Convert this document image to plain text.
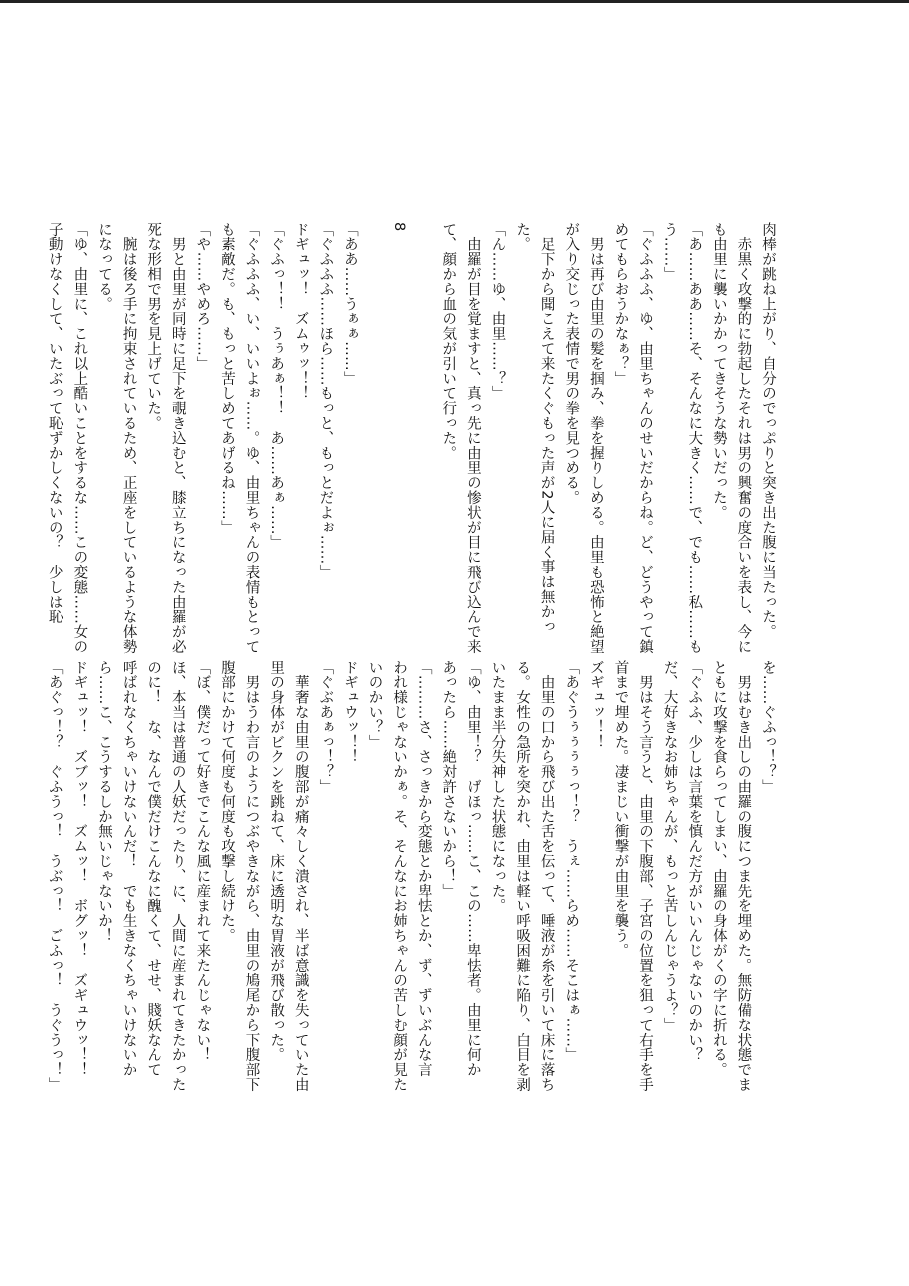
肉棒が跳ね上がり、自分のでっぷりと突き出た腹に当たった。
　赤黒く攻撃的に勃起したそれは男の興奮の度合いを表し、今に
も由里に襲いかかってきそうな勢いだった。
「あ……ああ……そ、そんなに大きく……で、でも……私……も
う……」
「ぐふふふ、ゆ、由里ちゃんのせいだからね。ど、どうやって鎮
めてもらおうかなぁ？」
　男は再び由里の髪を掴み、拳を握りしめる。由里も恐怖と絶望
が入り交じった表情で男の拳を見つめる。
　足下から聞こえて来たくぐもった声が2人に届く事は無かっ
た。
「ん……ゆ、由里……？」
　由羅が目を覚ますと、真っ先に由里の惨状が目に飛び込んで来
て、顔から血の気が引いて行った。

8

「ああ……うぁぁ……」
「ぐふふふ……ほら……もっと、もっとだよぉ……」
ドギュッ！　ズムゥッ！！
「ぐふっ！！　うぅあぁ！！　あ……あぁ……」
「ぐふふふ、い、いいよぉ……。ゆ、由里ちゃんの表情もとって
も素敵だ。も、もっと苦しめてあげるね……」
「や……やめろ……」
　男と由里が同時に足下を覗き込むと、膝立ちになった由羅が必
死な形相で男を見上げていた。
　腕は後ろ手に拘束されているため、正座をしているような体勢
になってる。
「ゆ、由里に、これ以上酷いことをするな……この変態……女の
子動けなくして、いたぶって恥ずかしくないの？　少しは恥
を……ぐふっ！？」
　男はむき出しの由羅の腹につま先を埋めた。無防備な状態でま
ともに攻撃を食らってしまい、由羅の身体がくの字に折れる。
「ぐふふ、少しは言葉を慎んだ方がいいんじゃないのかい？
だ、大好きなお姉ちゃんが、もっと苦しんじゃうよ？」
　男はそう言うと、由里の下腹部、子宮の位置を狙って右手を手
首まで埋めた。凄まじい衝撃が由里を襲う。
ズギュッ！！
「あぐうぅぅぅぅっ！？　うぇ……らめ……そこはぁ……」
　由里の口から飛び出た舌を伝って、唾液が糸を引いて床に落ち
る。女性の急所を突かれ、由里は軽い呼吸困難に陥り、白目を剥
いたまま半分失神した状態になった。
「ゆ、由里！？　げほっ……こ、この……卑怯者。由里に何か
あったら……絶対許さないから！」
「………さ、さっきから変態とか卑怯とか、ず、ずいぶんな言
われ様じゃないかぁ。そ、そんなにお姉ちゃんの苦しむ顔が見た
いのかい？」
ドギュウッ！！
「ぐぶあぁっ！？」
　華奢な由里の腹部が痛々しく潰され、半ば意識を失っていた由
里の身体がビクンを跳ねて、床に透明な胃液が飛び散った。
　男はうわ言のようにつぶやきながら、由里の鳩尾から下腹部下
腹部にかけて何度も何度も攻撃し続けた。
「ぼ、僕だって好きでこんな風に産まれて来たんじゃない！
ほ、本当は普通の人妖だったり、に、人間に産まれてきたかった
のに！　な、なんで僕だけこんなに醜くて、せせ、賤妖なんて
呼ばれなくちゃいけないんだ！　でも生きなくちゃいけないか
ら……こ、こうするしか無いじゃないか！
ドギュッ！　ズブッ！　ズムッ！　ボグッ！　ズギュウッ！！
「あぐっ！？　ぐふうっ！　うぶっ！　ごふっ！　うぐうっ！」
